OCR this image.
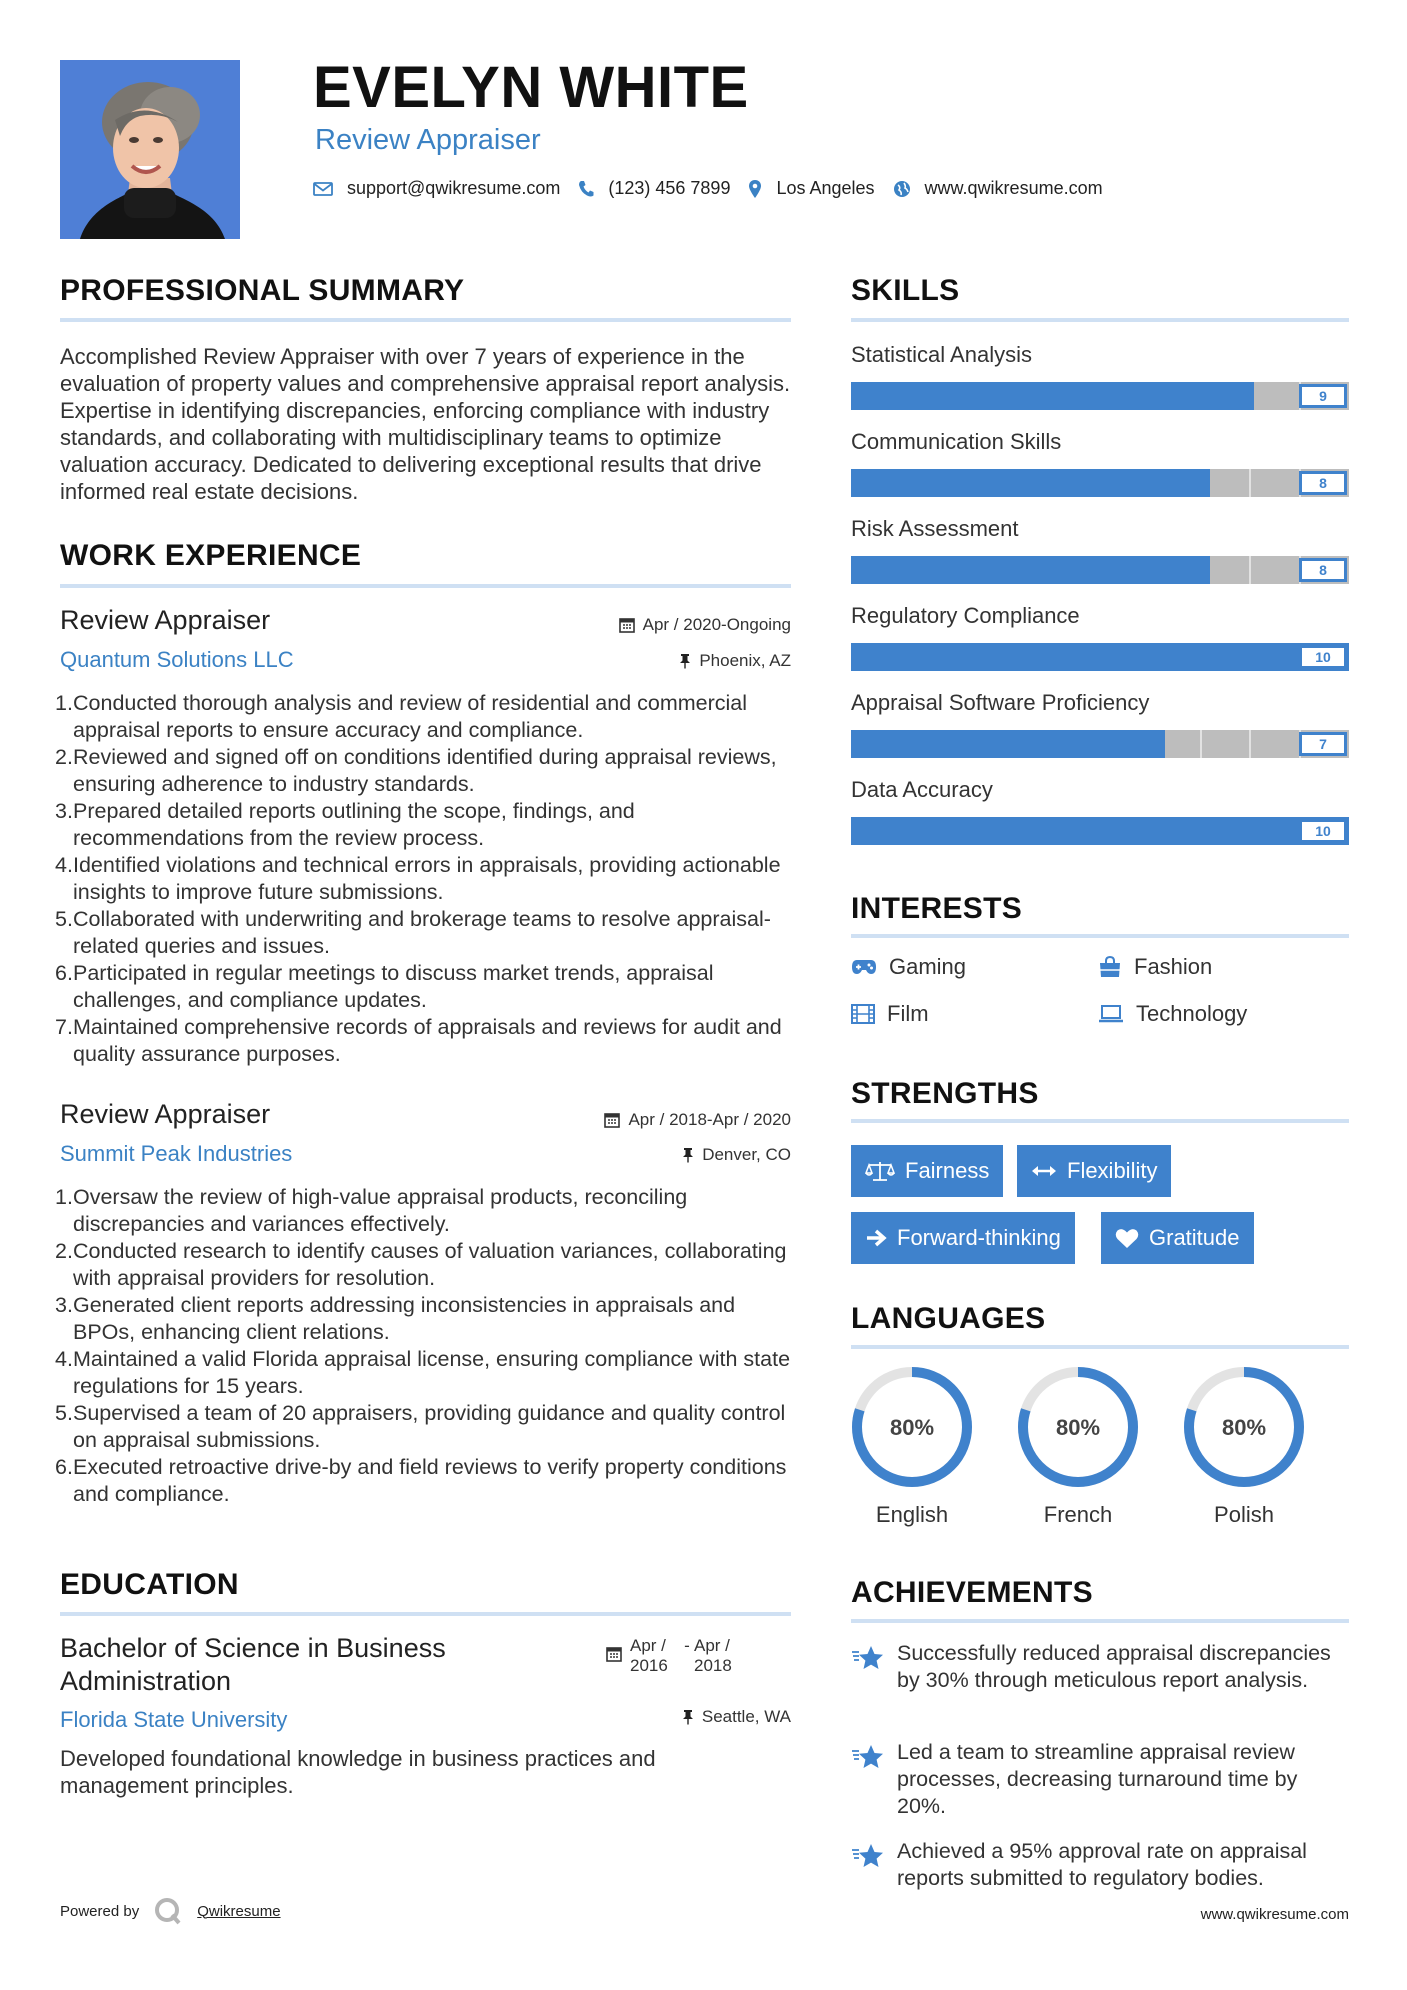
EVELYN WHITE
Review Appraiser
support@qwikresume.com	(123) 456 7899	Los Angeles	www.qwikresume.com
PROFESSIONAL SUMMARY
Accomplished Review Appraiser with over 7 years of experience in the evaluation of property values and comprehensive appraisal report analysis. Expertise in identifying discrepancies, enforcing compliance with industry standards, and collaborating with multidisciplinary teams to optimize valuation accuracy. Dedicated to delivering exceptional results that drive informed real estate decisions.
WORK EXPERIENCE
Review Appraiser	Apr / 2020-Ongoing
Quantum Solutions LLC	Phoenix, AZ
1. Conducted thorough analysis and review of residential and commercial appraisal reports to ensure accuracy and compliance.
2. Reviewed and signed off on conditions identified during appraisal reviews, ensuring adherence to industry standards.
3. Prepared detailed reports outlining the scope, findings, and recommendations from the review process.
4. Identified violations and technical errors in appraisals, providing actionable insights to improve future submissions.
5. Collaborated with underwriting and brokerage teams to resolve appraisal-related queries and issues.
6. Participated in regular meetings to discuss market trends, appraisal challenges, and compliance updates.
7. Maintained comprehensive records of appraisals and reviews for audit and quality assurance purposes.
Review Appraiser	Apr / 2018-Apr / 2020
Summit Peak Industries	Denver, CO
1. Oversaw the review of high-value appraisal products, reconciling discrepancies and variances effectively.
2. Conducted research to identify causes of valuation variances, collaborating with appraisal providers for resolution.
3. Generated client reports addressing inconsistencies in appraisals and BPOs, enhancing client relations.
4. Maintained a valid Florida appraisal license, ensuring compliance with state regulations for 15 years.
5. Supervised a team of 20 appraisers, providing guidance and quality control on appraisal submissions.
6. Executed retroactive drive-by and field reviews to verify property conditions and compliance.
EDUCATION
Bachelor of Science in Business Administration
Apr / 2016
- Apr / 2018
Florida State University	Seattle, WA
Developed foundational knowledge in business practices and management principles.
SKILLS
Statistical Analysis
9
Communication Skills
8
Risk Assessment
8
Regulatory Compliance
10
Appraisal Software Proficiency
7
Data Accuracy
10
INTERESTS
Gaming	Fashion
Film	Technology
STRENGTHS
Fairness	Flexibility
Forward-thinking	Gratitude
LANGUAGES
80%
English
80%
French
80%
Polish
ACHIEVEMENTS
Successfully reduced appraisal discrepancies by 30% through meticulous report analysis.
Led a team to streamline appraisal review processes, decreasing turnaround time by 20%.
Achieved a 95% approval rate on appraisal reports submitted to regulatory bodies.
Powered by	Qwikresume	www.qwikresume.com
